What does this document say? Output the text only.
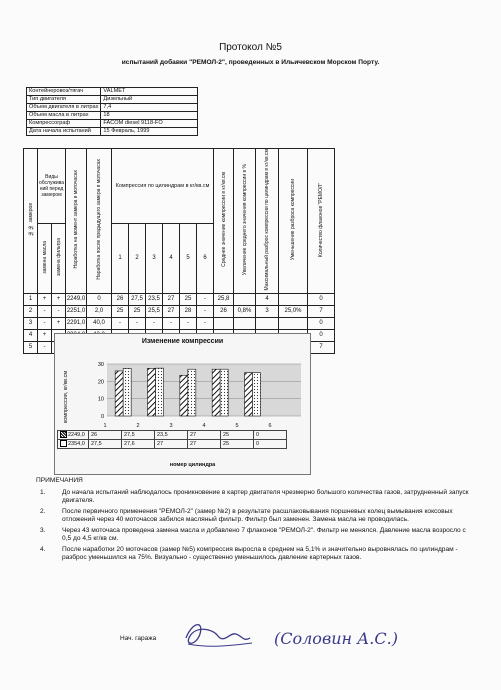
Протокол №5
испытаний добавки "РЕМОЛ-2", проведенных в Ильичевском Морском Порту.
Контейнеровоз/тягач	VALMET
Тип двигателя	Дизельный
Объем двигателя в литрах	7,4
Объем масла в литрах	18
Компрессограф	FACOM diesel 9118-FO
Дата начала испытаний	15 Февраль, 1999
№№ замеров	Виды обслужива ний перед замером		Наработка на момент замера в моточасах	Наработка после предыдущего замера в моточасах	Компрессия по цилиндрам в кг/кв.см						Среднее значение компрессии в кг/кв.см	Увеличение среднего значения компрессии в %	Максимальный разброс компрессии по цилиндрам в кг/кв.см	Уменьшение разброса компрессии	Количество флаконов "РЕМОЛ"
	замена масла	замена фильтра			1	2	3	4	5	6					
1	+	+	2249,0	0	26	27,5	23,5	27	25	-	25,8		4		0
2	-	-	2251,0	2,0	25	25	25,5	27	28	-	26	0,8%	3	25,0%	7
3	-	+	2291,0	40,0	-	-	-	-	-	-					0
4	+														0
5	-														7
Изменение компрессии
компрессия, кг/кв.см	0
10
20
30
	1	2	3	4	5	6
2249,0	26	27,5	23,5	27	25	0
2354,0	27,5	27,6	27	27	25	0
номер цилиндра
ПРИМЕЧАНИЯ
1.	До начала испытаний наблюдалось проникновение в картер двигателя чрезмерно большого количества газов, затрудненный запуск двигателя.
2.	После первичного применения "РЕМОЛ-2" (замер №2) в результате расшлаковывания поршневых колец вымывания коксовых отложений через 40 моточасов забился масляный фильтр. Фильтр был заменен. Замена масла не проводилась.
3.	Через 43 моточаса проведена замена масла и добавлено 7 флаконов "РЕМОЛ-2". Фильтр не менялся. Давление масла возросло с 0,5 до 4,5 кг/кв см.
4.	После наработки 20 моточасов (замер №5) компрессия выросла в среднем на 5,1% и значительно выровнялась по цилиндрам - разброс уменьшился на 75%. Визуально - существенно уменьшилось давление картерных газов.
Нач. гаража	(Соловин А.С.)
